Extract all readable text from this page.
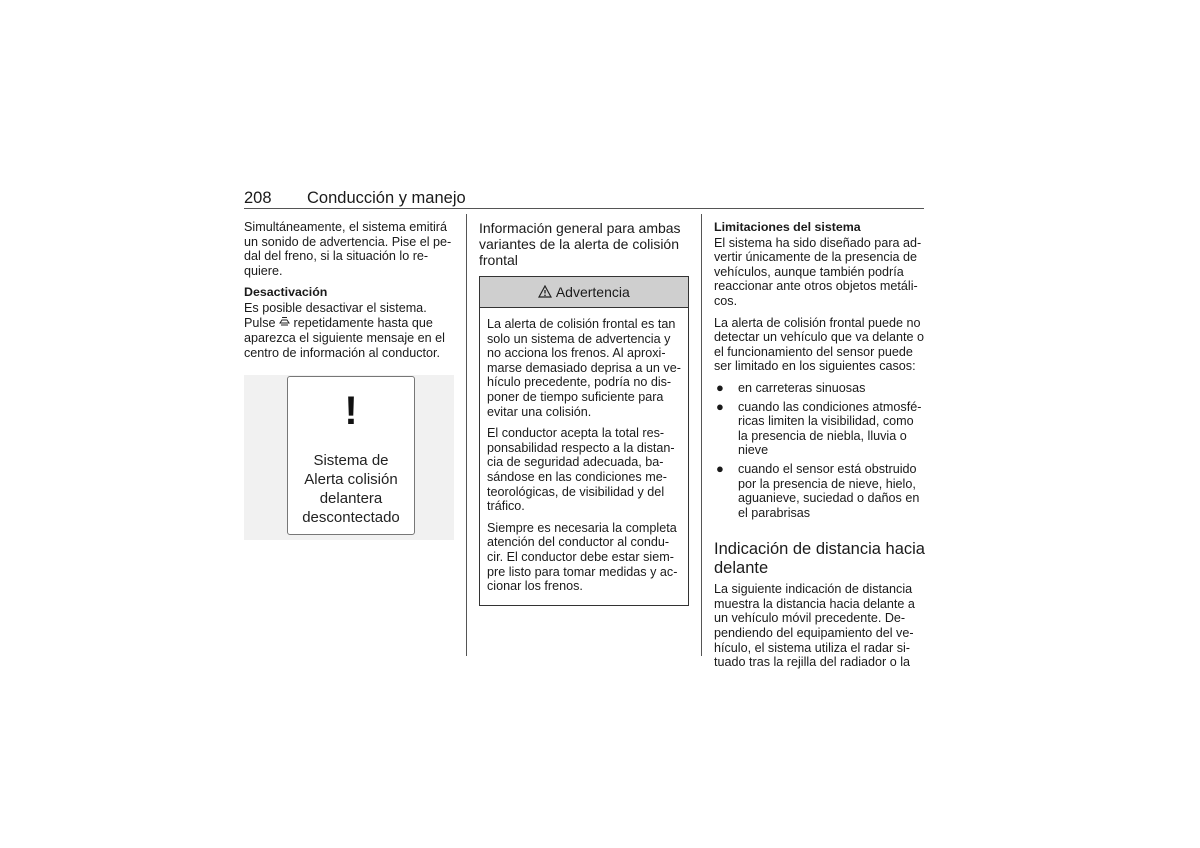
208 Conducción y manejo

Simultáneamente, el sistema emitirá un sonido de advertencia. Pise el pe-dal del freno, si la situación lo re-quiere.

Desactivación
Es posible desactivar el sistema.
Pulse repetidamente hasta que aparezca el siguiente mensaje en el centro de información al conductor.
!
Sistema de
Alerta colisión
delantera
descontectado
Información general para ambas variantes de la alerta de colisión frontal
Advertencia

La alerta de colisión frontal es tan solo un sistema de advertencia y no acciona los frenos. Al aproxi-marse demasiado deprisa a un ve-hículo precedente, podría no dis-poner de tiempo suficiente para evitar una colisión.

El conductor acepta la total res-ponsabilidad respecto a la distan-cia de seguridad adecuada, ba-sándose en las condiciones me-teorológicas, de visibilidad y del tráfico.

Siempre es necesaria la completa atención del conductor al condu-cir. El conductor debe estar siem-pre listo para tomar medidas y ac-cionar los frenos.

Limitaciones del sistema

El sistema ha sido diseñado para ad-vertir únicamente de la presencia de vehículos, aunque también podría reaccionar ante otros objetos metáli-cos.

La alerta de colisión frontal puede no detectar un vehículo que va delante o el funcionamiento del sensor puede ser limitado en los siguientes casos:

● en carreteras sinuosas
● cuando las condiciones atmosfé-ricas limiten la visibilidad, como la presencia de niebla, lluvia o nieve
● cuando el sensor está obstruido por la presencia de nieve, hielo, aguanieve, suciedad o daños en el parabrisas
Indicación de distancia hacia delante

La siguiente indicación de distancia muestra la distancia hacia delante a un vehículo móvil precedente. De-pendiendo del equipamiento del ve-hículo, el sistema utiliza el radar si-tuado tras la rejilla del radiador o la
